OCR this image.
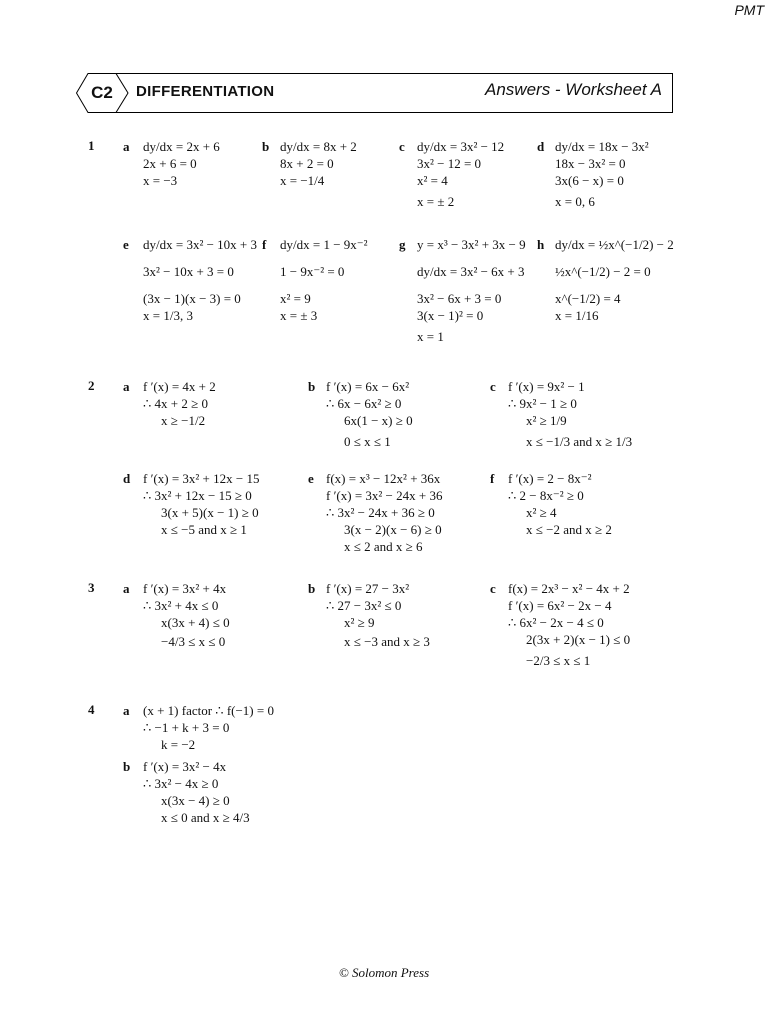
PMT
C2	DIFFERENTIATION	Answers - Worksheet A
1 a dy/dx = 2x + 6
2x + 6 = 0
x = −3
b dy/dx = 8x + 2
8x + 2 = 0
x = −1/4
c dy/dx = 3x² − 12
3x² − 12 = 0
x² = 4
x = ± 2
d dy/dx = 18x − 3x²
18x − 3x² = 0
3x(6 − x) = 0
x = 0, 6
e dy/dx = 3x² − 10x + 3
3x² − 10x + 3 = 0
(3x − 1)(x − 3) = 0
x = 1/3, 3
f dy/dx = 1 − 9x⁻²
1 − 9x⁻² = 0
x² = 9
x = ± 3
g y = x³ − 3x² + 3x − 9
dy/dx = 3x² − 6x + 3
3x² − 6x + 3 = 0
3(x − 1)² = 0
x = 1
h dy/dx = ½x^(−1/2) − 2
½x^(−1/2) − 2 = 0
x^(−1/2) = 4
x = 1/16
2 a f ′(x) = 4x + 2
∴ 4x + 2 ≥ 0
x ≥ −1/2
b f ′(x) = 6x − 6x²
∴ 6x − 6x² ≥ 0
6x(1 − x) ≥ 0
0 ≤ x ≤ 1
c f ′(x) = 9x² − 1
∴ 9x² − 1 ≥ 0
x² ≥ 1/9
x ≤ −1/3 and x ≥ 1/3
d f ′(x) = 3x² + 12x − 15
∴ 3x² + 12x − 15 ≥ 0
3(x + 5)(x − 1) ≥ 0
x ≤ −5 and x ≥ 1
e f(x) = x³ − 12x² + 36x
f ′(x) = 3x² − 24x + 36
∴ 3x² − 24x + 36 ≥ 0
3(x − 2)(x − 6) ≥ 0
x ≤ 2 and x ≥ 6
f f ′(x) = 2 − 8x⁻²
∴ 2 − 8x⁻² ≥ 0
x² ≥ 4
x ≤ −2 and x ≥ 2
3 a f ′(x) = 3x² + 4x
∴ 3x² + 4x ≤ 0
x(3x + 4) ≤ 0
−4/3 ≤ x ≤ 0
b f ′(x) = 27 − 3x²
∴ 27 − 3x² ≤ 0
x² ≥ 9
x ≤ −3 and x ≥ 3
c f(x) = 2x³ − x² − 4x + 2
f ′(x) = 6x² − 2x − 4
∴ 6x² − 2x − 4 ≤ 0
2(3x + 2)(x − 1) ≤ 0
−2/3 ≤ x ≤ 1
4 a (x + 1) factor ∴ f(−1) = 0
∴ −1 + k + 3 = 0
k = −2
b f ′(x) = 3x² − 4x
∴ 3x² − 4x ≥ 0
x(3x − 4) ≥ 0
x ≤ 0 and x ≥ 4/3
© Solomon Press
